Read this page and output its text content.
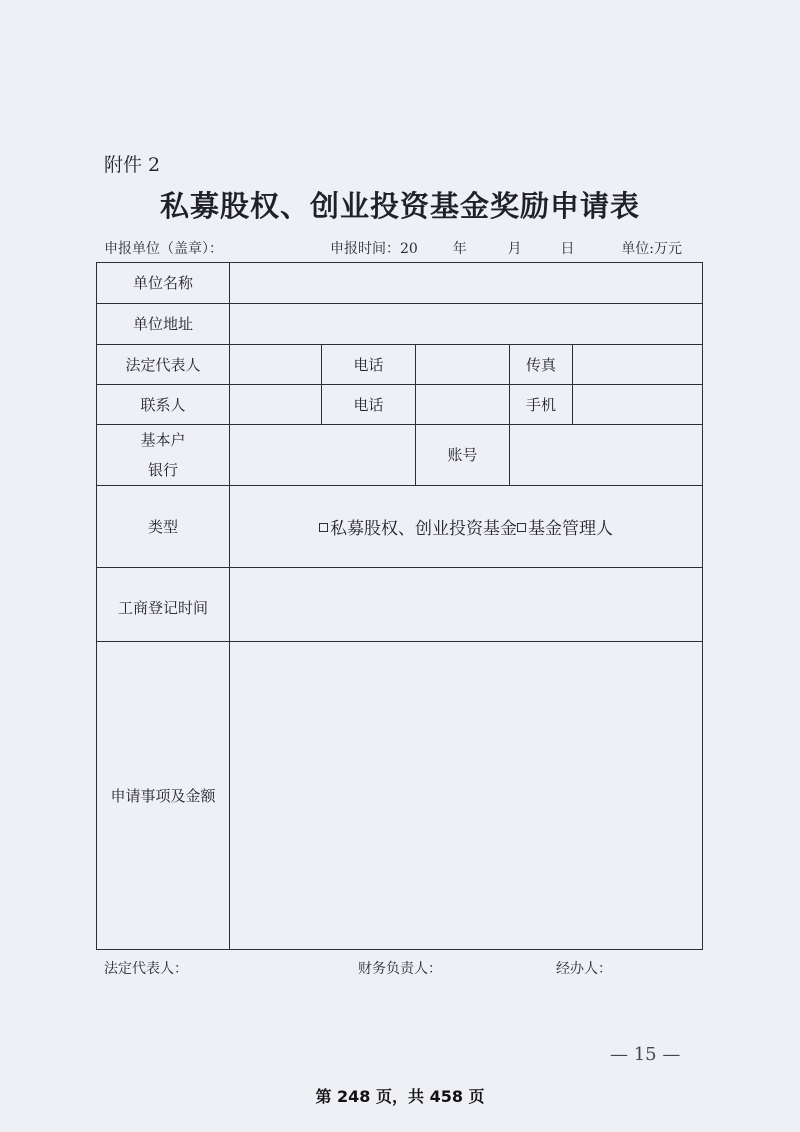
附件 2
私募股权、创业投资基金奖励申请表
申报单位（盖章）：	申报时间：20 年	月	日	单位:万元
单位名称					
单位地址					
法定代表人		电话		传真	
联系人		电话		手机	

基本户
银行			账号		
类型	私募股权、创业投资基金 基金管理人				
工商登记时间					
申请事项及金额					
法定代表人：	财务负责人：	经办人：
— 15 —
第 248 页，共 458 页
